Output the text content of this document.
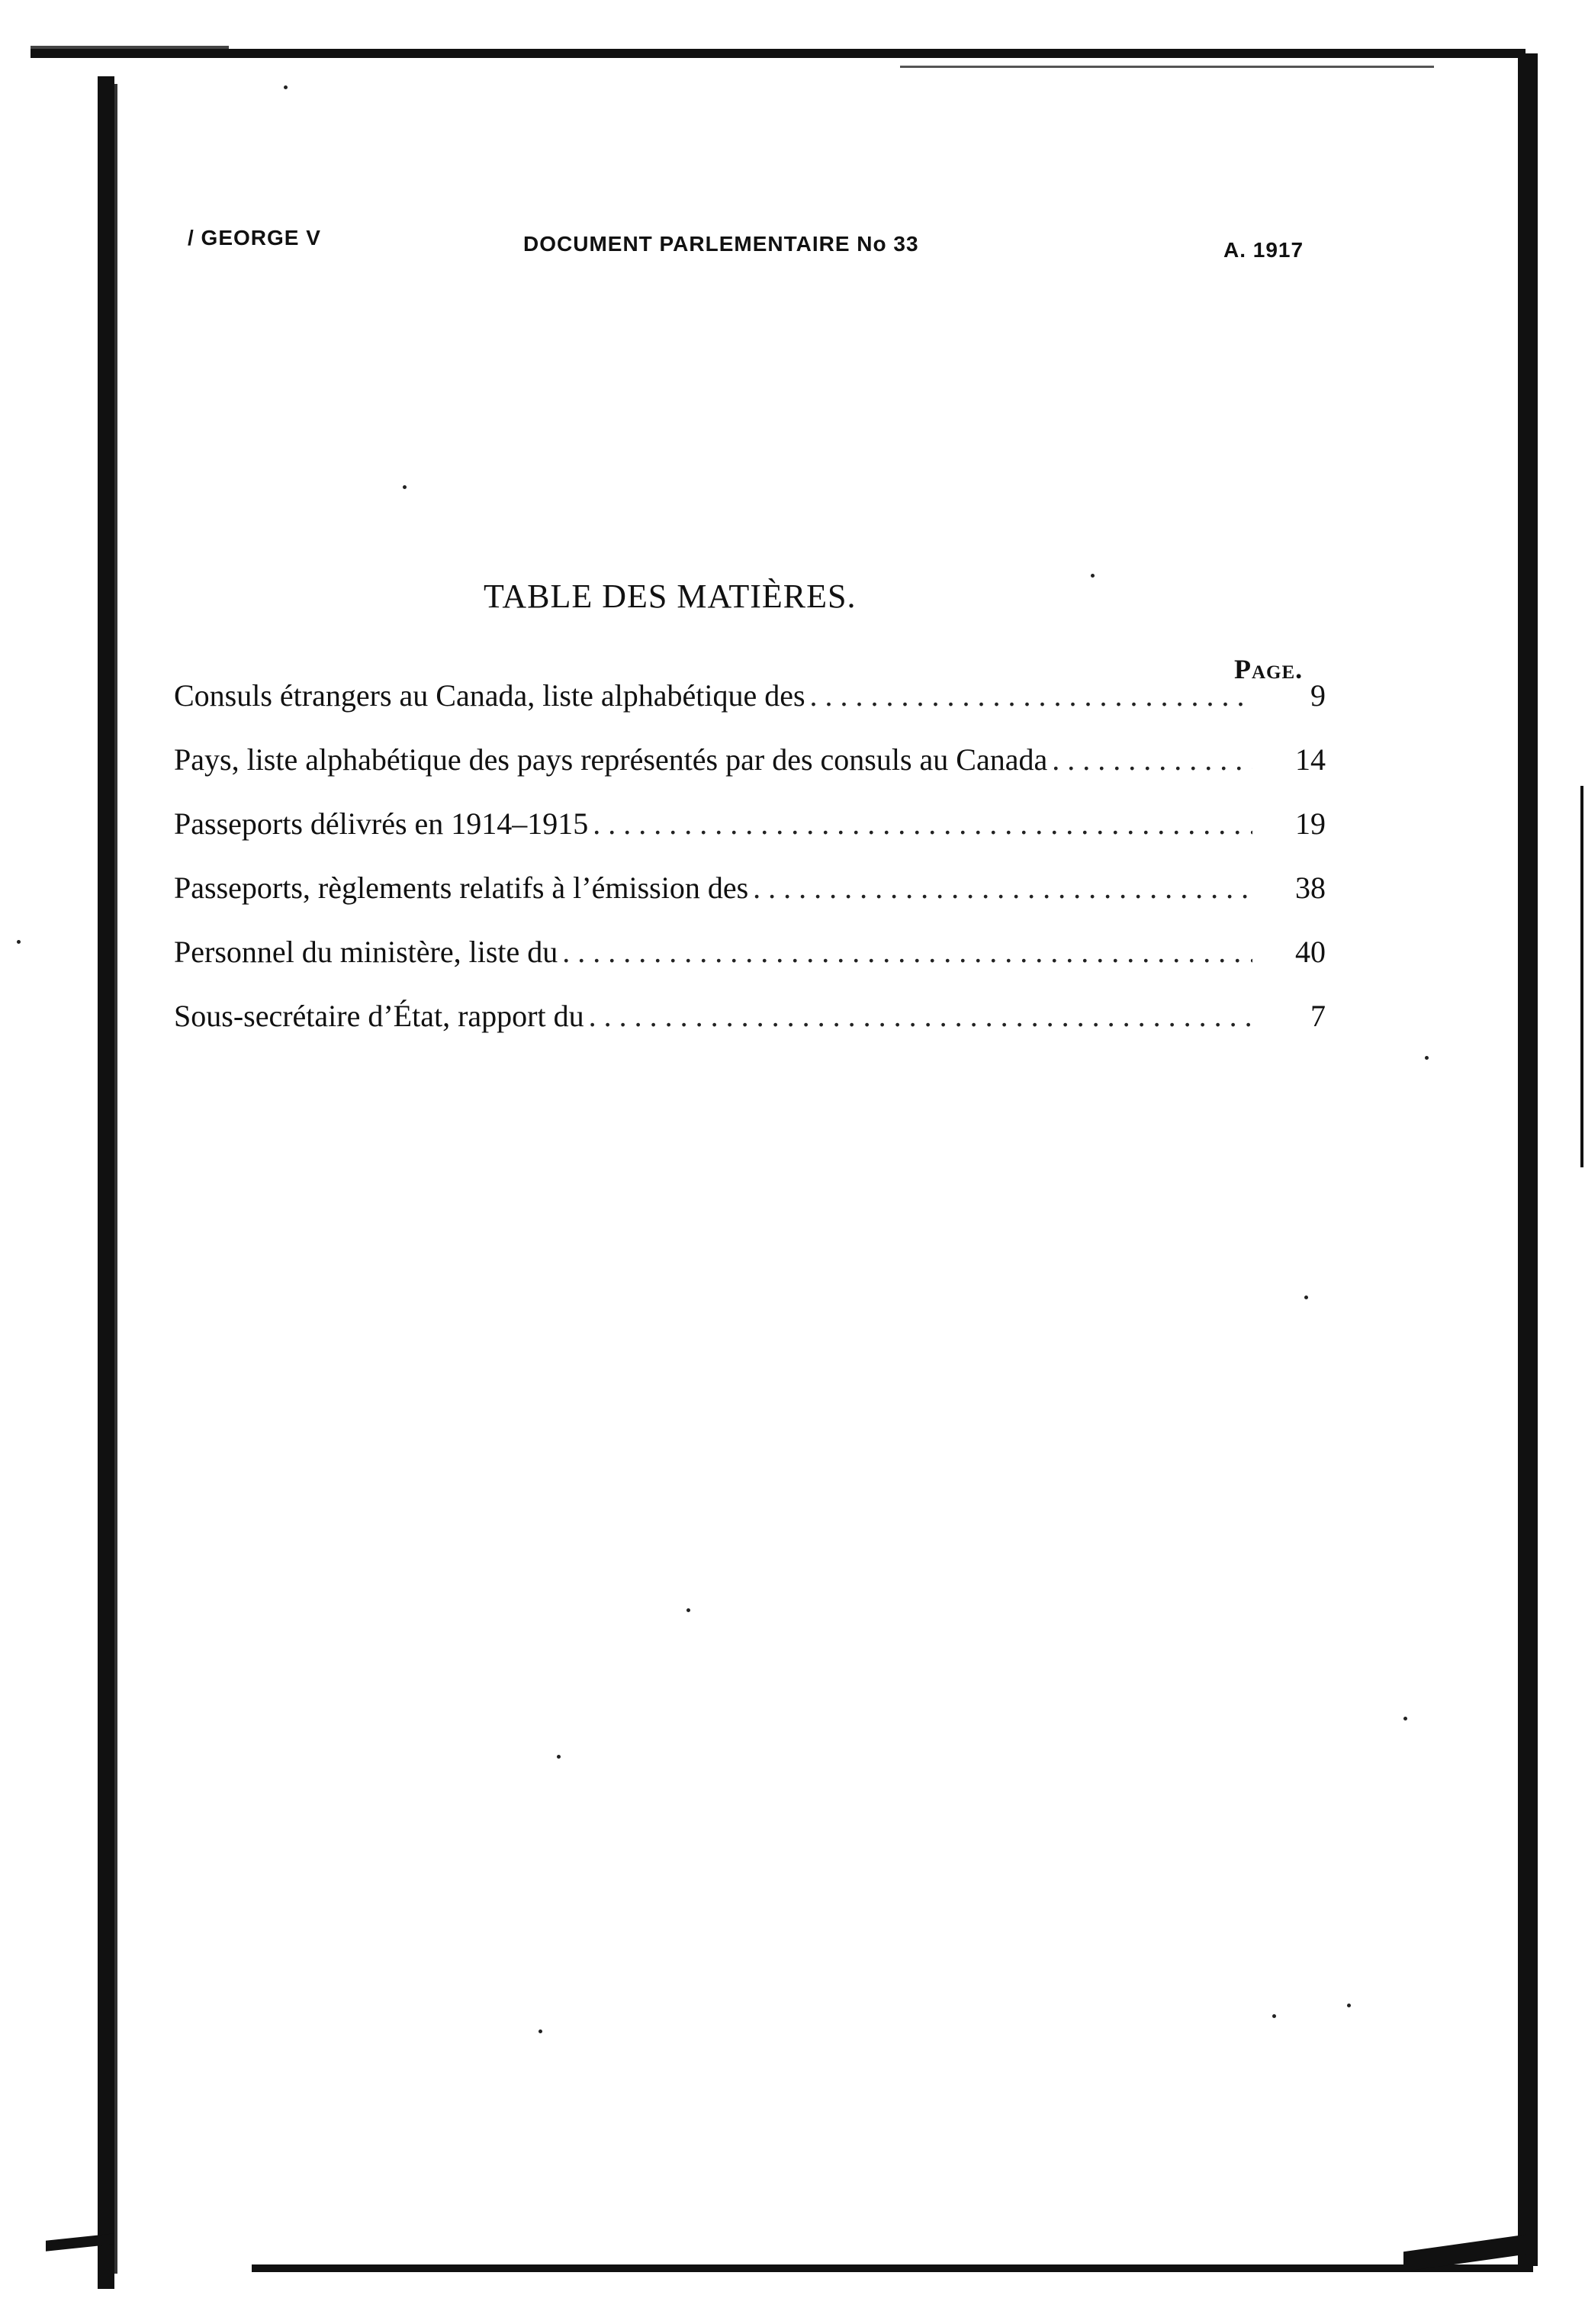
/ GEORGE V	DOCUMENT PARLEMENTAIRE No 33	A. 1917
TABLE DES MATIÈRES.
Page.
Consuls étrangers au Canada, liste alphabétique des . . .	9
Pays, liste alphabétique des pays représentés par des consuls au Canada . . .	14
Passeports délivrés en 1914–1915 . . .	19
Passeports, règlements relatifs à l’émission des . . .	38
Personnel du ministère, liste du . . .	40
Sous-secrétaire d’État, rapport du . . .	7
